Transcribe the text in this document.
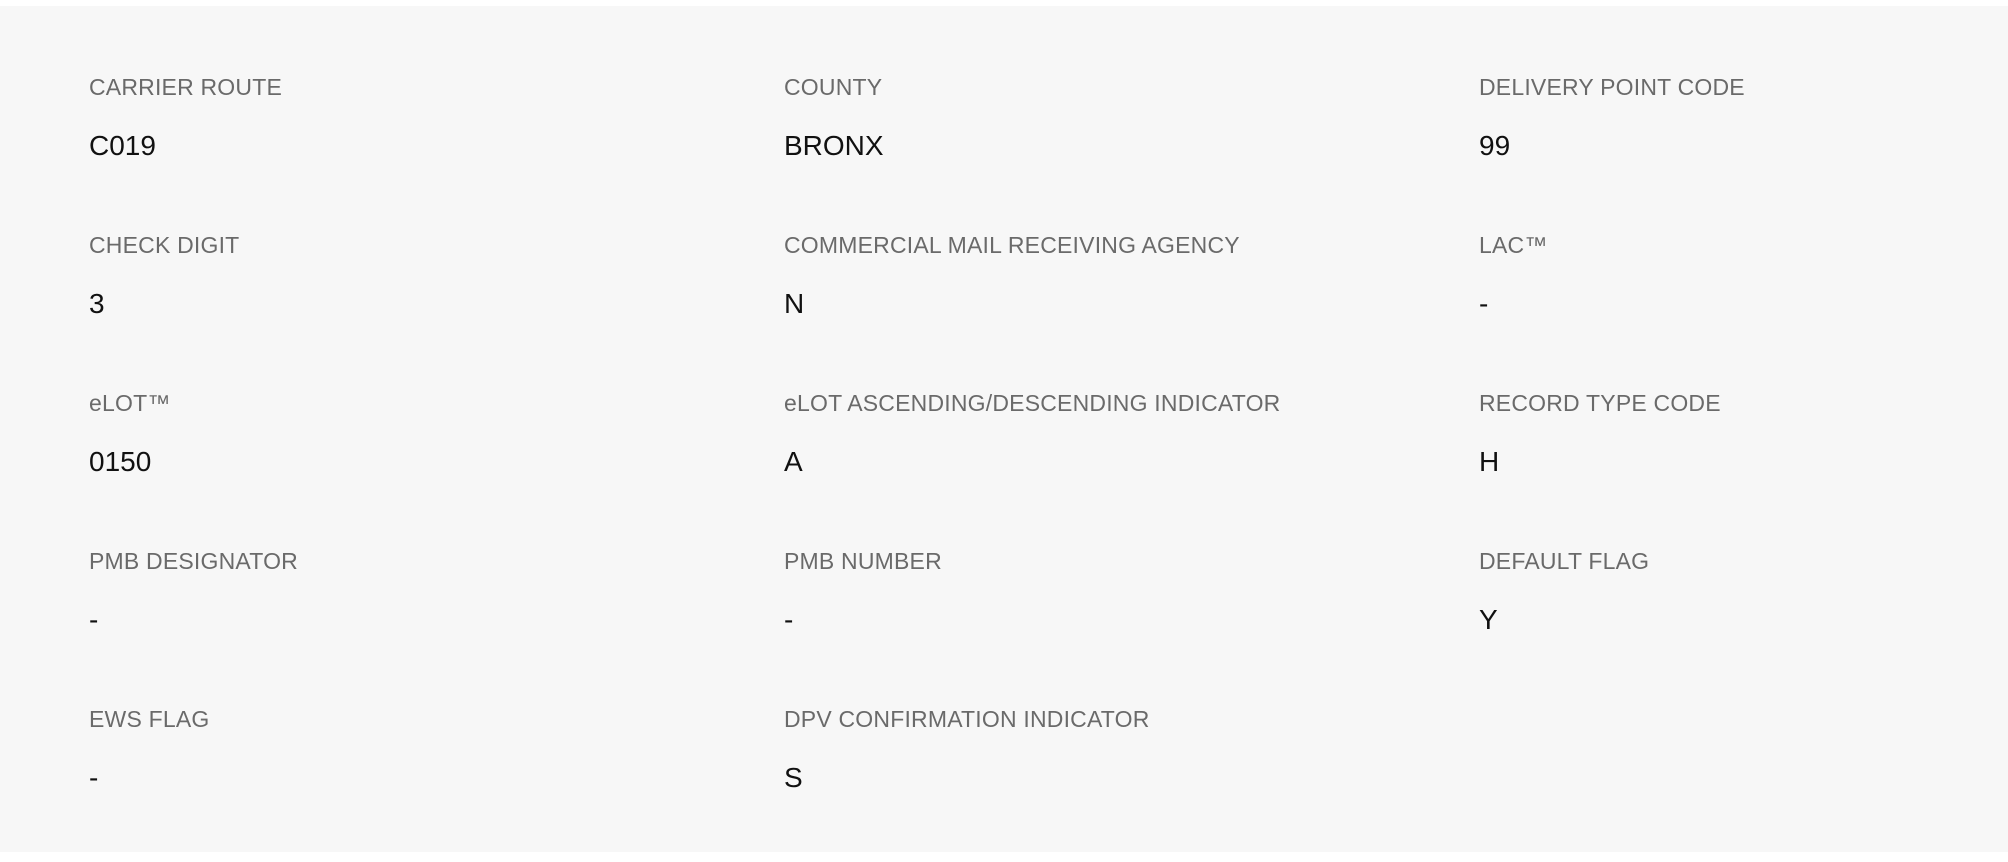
CARRIER ROUTE
C019
COUNTY
BRONX
DELIVERY POINT CODE
99
CHECK DIGIT
3
COMMERCIAL MAIL RECEIVING AGENCY
N
LAC™
-
eLOT™
0150
eLOT ASCENDING/DESCENDING INDICATOR
A
RECORD TYPE CODE
H
PMB DESIGNATOR
-
PMB NUMBER
-
DEFAULT FLAG
Y
EWS FLAG
-
DPV CONFIRMATION INDICATOR
S
